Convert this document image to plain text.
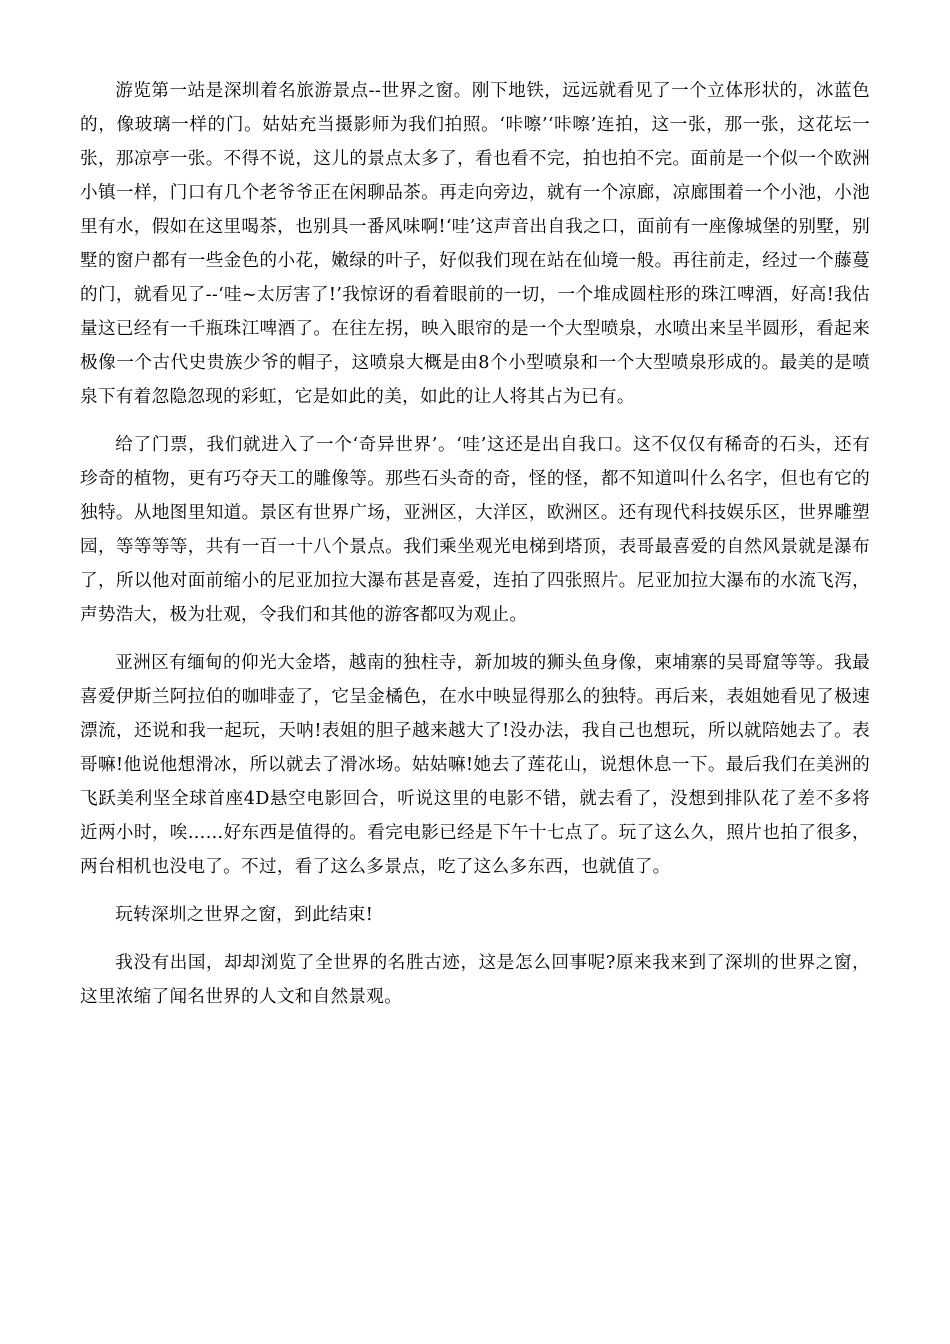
游览第一站是深圳着名旅游景点--世界之窗。刚下地铁，远远就看见了一个立体形状的，冰蓝色的，像玻璃一样的门。姑姑充当摄影师为我们拍照。‘咔嚓’‘咔嚓’连拍，这一张，那一张，这花坛一张，那凉亭一张。不得不说，这儿的景点太多了，看也看不完，拍也拍不完。面前是一个似一个欧洲小镇一样，门口有几个老爷爷正在闲聊品茶。再走向旁边，就有一个凉廊，凉廊围着一个小池，小池里有水，假如在这里喝茶，也别具一番风味啊!‘哇’这声音出自我之口，面前有一座像城堡的别墅，别墅的窗户都有一些金色的小花，嫩绿的叶子，好似我们现在站在仙境一般。再往前走，经过一个藤蔓的门，就看见了--‘哇~太厉害了!’我惊讶的看着眼前的一切，一个堆成圆柱形的珠江啤酒，好高!我估量这已经有一千瓶珠江啤酒了。在往左拐，映入眼帘的是一个大型喷泉，水喷出来呈半圆形，看起来极像一个古代史贵族少爷的帽子，这喷泉大概是由8个小型喷泉和一个大型喷泉形成的。最美的是喷泉下有着忽隐忽现的彩虹，它是如此的美，如此的让人将其占为已有。

给了门票，我们就进入了一个‘奇异世界’。‘哇’这还是出自我口。这不仅仅有稀奇的石头，还有珍奇的植物，更有巧夺天工的雕像等。那些石头奇的奇，怪的怪，都不知道叫什么名字，但也有它的独特。从地图里知道。景区有世界广场，亚洲区，大洋区，欧洲区。还有现代科技娱乐区，世界雕塑园，等等等等，共有一百一十八个景点。我们乘坐观光电梯到塔顶，表哥最喜爱的自然风景就是瀑布了，所以他对面前缩小的尼亚加拉大瀑布甚是喜爱，连拍了四张照片。尼亚加拉大瀑布的水流飞泻，声势浩大，极为壮观，令我们和其他的游客都叹为观止。

亚洲区有缅甸的仰光大金塔，越南的独柱寺，新加坡的狮头鱼身像，柬埔寨的吴哥窟等等。我最喜爱伊斯兰阿拉伯的咖啡壶了，它呈金橘色，在水中映显得那么的独特。再后来，表姐她看见了极速漂流，还说和我一起玩，天呐!表姐的胆子越来越大了!没办法，我自己也想玩，所以就陪她去了。表哥嘛!他说他想滑冰，所以就去了滑冰场。姑姑嘛!她去了莲花山，说想休息一下。最后我们在美洲的飞跃美利坚全球首座4D悬空电影回合，听说这里的电影不错，就去看了，没想到排队花了差不多将近两小时，唉……好东西是值得的。看完电影已经是下午十七点了。玩了这么久，照片也拍了很多，两台相机也没电了。不过，看了这么多景点，吃了这么多东西，也就值了。

玩转深圳之世界之窗，到此结束!

我没有出国，却却浏览了全世界的名胜古迹，这是怎么回事呢?原来我来到了深圳的世界之窗，这里浓缩了闻名世界的人文和自然景观。
